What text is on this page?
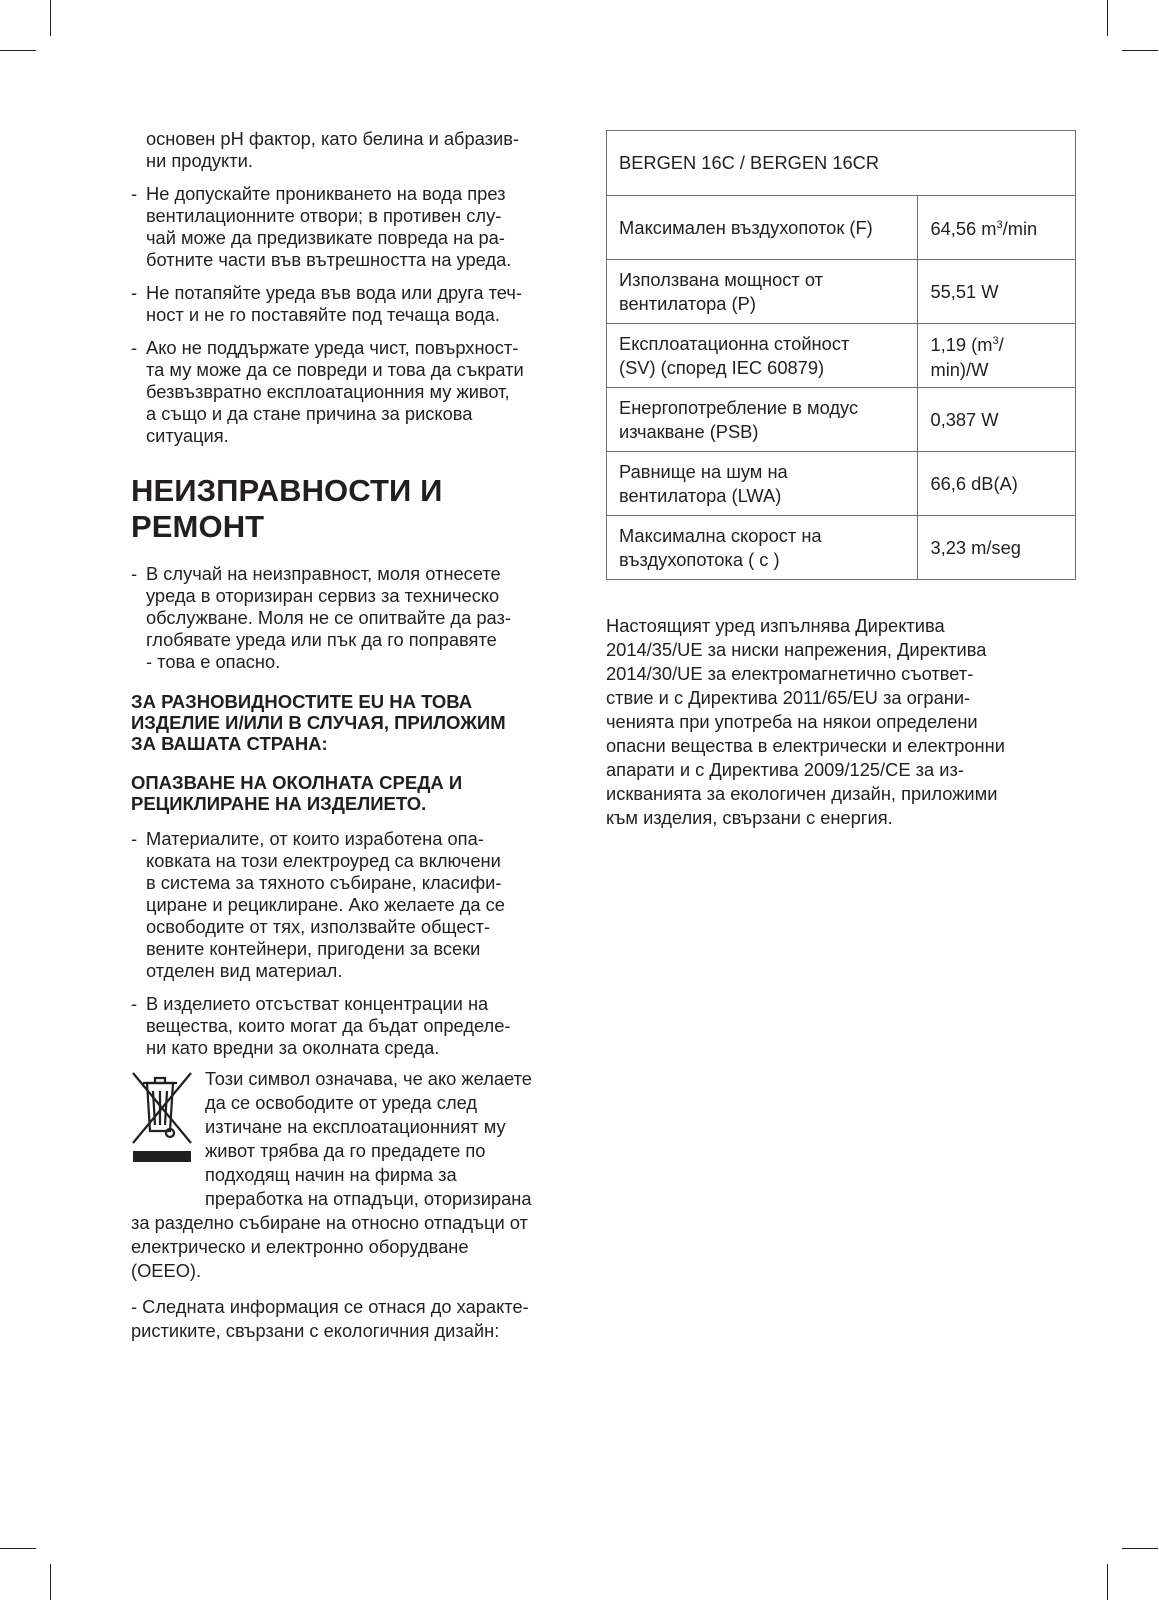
основен pH фактор, като белина и абразив-
ни продукти.
- Не допускайте проникването на вода през
вентилационните отвори; в противен слу-
чай може да предизвикате повреда на ра-
ботните части във вътрешността на уреда.
- Не потапяйте уреда във вода или друга теч-
ност и не го поставяйте под течаща вода.
- Ако не поддържате уреда чист, повърхност-
та му може да се повреди и това да съкрати
безвъзвратно експлоатационния му живот,
а също и да стане причина за рискова
ситуация.
НЕИЗПРАВНОСТИ И РЕМОНТ
- В случай на неизправност, моля отнесете
уреда в оторизиран сервиз за техническо
обслужване. Моля не се опитвайте да раз-
глобявате уреда или пък да го поправяте
- това е опасно.
ЗА РАЗНОВИДНОСТИТЕ EU НА ТОВА
ИЗДЕЛИЕ И/ИЛИ В СЛУЧАЯ, ПРИЛОЖИМ
ЗА ВАШАТА СТРАНА:
ОПАЗВАНЕ НА ОКОЛНАТА СРЕДА И
РЕЦИКЛИРАНЕ НА ИЗДЕЛИЕТО.
- Материалите, от които изработена опа-
ковката на този електроуред са включени
в система за тяхното събиране, класифи-
циране и рециклиране. Ако желаете да се
освободите от тях, използвайте общест-
вените контейнери, пригодени за всеки
отделен вид материал.
- В изделието отсъстват концентрации на
вещества, които могат да бъдат определе-
ни като вредни за околната среда.
Този символ означава, че ако желаете
да се освободите от уреда след
изтичане на експлоатационният му
живот трябва да го предадете по
подходящ начин на фирма за
преработка на отпадъци, оторизирана
за разделно събиране на относно отпадъци от
електрическо и електронно оборудване
(OEEO).
- Следната информация се отнася до характе-
ристиките, свързани с екологичния дизайн:
BERGEN 16C / BERGEN 16CR	
Максимален въздухопоток (F)	64,56 $m^3/\min$
Използвана мощност от
вентилатора (P)	55,51 W
Експлоатационна стойност
(SV) (според IEC 60879)	1,19 ($m^3/$
min)/W
Енергопотребление в модус
изчакване (PSB)	0,387 W
Равнище на шум на
вентилатора (LWA)	66,6 dB(A)
Максимална скорост на
въздухопотока ( c )	3,23 m/seg
Настоящият уред изпълнява Директива
2014/35/UE за ниски напрежения, Директива
2014/30/UE за електромагнетично съответ-
ствие и с Директива 2011/65/EU за ограни-
ченията при употреба на някои определени
опасни вещества в електрически и електронни
апарати и с Директива 2009/125/CE за из-
искванията за екологичен дизайн, приложими
към изделия, свързани с енергия.
